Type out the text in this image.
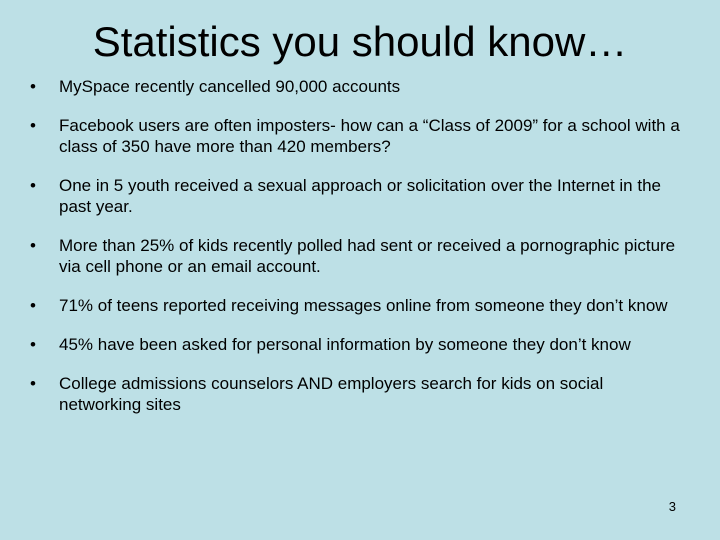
Statistics you should know…
• MySpace recently cancelled 90,000 accounts
• Facebook users are often imposters- how can a “Class of 2009” for a school with a class of 350 have more than 420 members?
• One in 5 youth received a sexual approach or solicitation over the Internet in the past year.
• More than 25% of kids recently polled had sent or received a pornographic picture via cell phone or an email account.
• 71% of teens reported receiving messages online from someone they don’t know
• 45% have been asked for personal information by someone they don’t know
• College admissions counselors AND employers search for kids on social networking sites
3
